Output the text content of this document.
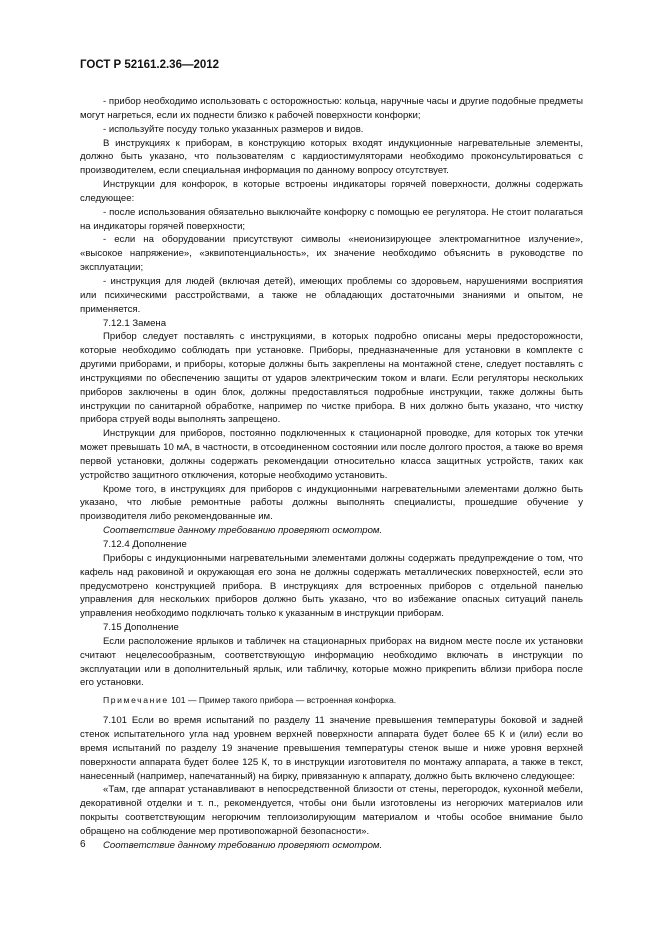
ГОСТ Р 52161.2.36—2012

- прибор необходимо использовать с осторожностью: кольца, наручные часы и другие подобные предметы могут нагреться, если их поднести близко к рабочей поверхности конфорки;

- используйте посуду только указанных размеров и видов.

В инструкциях к приборам, в конструкцию которых входят индукционные нагревательные элементы, должно быть указано, что пользователям с кардиостимуляторами необходимо проконсультироваться с производителем, если специальная информация по данному вопросу отсутствует.

Инструкции для конфорок, в которые встроены индикаторы горячей поверхности, должны содержать следующее:

- после использования обязательно выключайте конфорку с помощью ее регулятора. Не стоит полагаться на индикаторы горячей поверхности;

- если на оборудовании присутствуют символы «неионизирующее электромагнитное излучение», «высокое напряжение», «эквипотенциальность», их значение необходимо объяснить в руководстве по эксплуатации;

- инструкция для людей (включая детей), имеющих проблемы со здоровьем, нарушениями восприятия или психическими расстройствами, а также не обладающих достаточными знаниями и опытом, не применяется.

7.12.1 Замена

Прибор следует поставлять с инструкциями, в которых подробно описаны меры предосторожности, которые необходимо соблюдать при установке. Приборы, предназначенные для установки в комплекте с другими приборами, и приборы, которые должны быть закреплены на монтажной стене, следует поставлять с инструкциями по обеспечению защиты от ударов электрическим током и влаги. Если регуляторы нескольких приборов заключены в один блок, должны предоставляться подробные инструкции, также должны быть инструкции по санитарной обработке, например по чистке прибора. В них должно быть указано, что чистку прибора струей воды выполнять запрещено.

Инструкции для приборов, постоянно подключенных к стационарной проводке, для которых ток утечки может превышать 10 мА, в частности, в отсоединенном состоянии или после долгого простоя, а также во время первой установки, должны содержать рекомендации относительно класса защитных устройств, таких как устройство защитного отключения, которые необходимо установить.

Кроме того, в инструкциях для приборов с индукционными нагревательными элементами должно быть указано, что любые ремонтные работы должны выполнять специалисты, прошедшие обучение у производителя либо рекомендованные им.

Соответствие данному требованию проверяют осмотром.

7.12.4 Дополнение

Приборы с индукционными нагревательными элементами должны содержать предупреждение о том, что кафель над раковиной и окружающая его зона не должны содержать металлических поверхностей, если это предусмотрено конструкцией прибора. В инструкциях для встроенных приборов с отдельной панелью управления для нескольких приборов должно быть указано, что во избежание опасных ситуаций панель управления необходимо подключать только к указанным в инструкции приборам.

7.15 Дополнение

Если расположение ярлыков и табличек на стационарных приборах на видном месте после их установки считают нецелесообразным, соответствующую информацию необходимо включать в инструкции по эксплуатации или в дополнительный ярлык, или табличку, которые можно прикрепить вблизи прибора после его установки.

Примечание 101 — Пример такого прибора — встроенная конфорка.

7.101 Если во время испытаний по разделу 11 значение превышения температуры боковой и задней стенок испытательного угла над уровнем верхней поверхности аппарата будет более 65 К и (или) если во время испытаний по разделу 19 значение превышения температуры стенок выше и ниже уровня верхней поверхности аппарата будет более 125 К, то в инструкции изготовителя по монтажу аппарата, а также в текст, нанесенный (например, напечатанный) на бирку, привязанную к аппарату, должно быть включено следующее:

«Там, где аппарат устанавливают в непосредственной близости от стены, перегородок, кухонной мебели, декоративной отделки и т. п., рекомендуется, чтобы они были изготовлены из негорючих материалов или покрыты соответствующим негорючим теплоизолирующим материалом и чтобы особое внимание было обращено на соблюдение мер противопожарной безопасности».

Соответствие данному требованию проверяют осмотром.

6
